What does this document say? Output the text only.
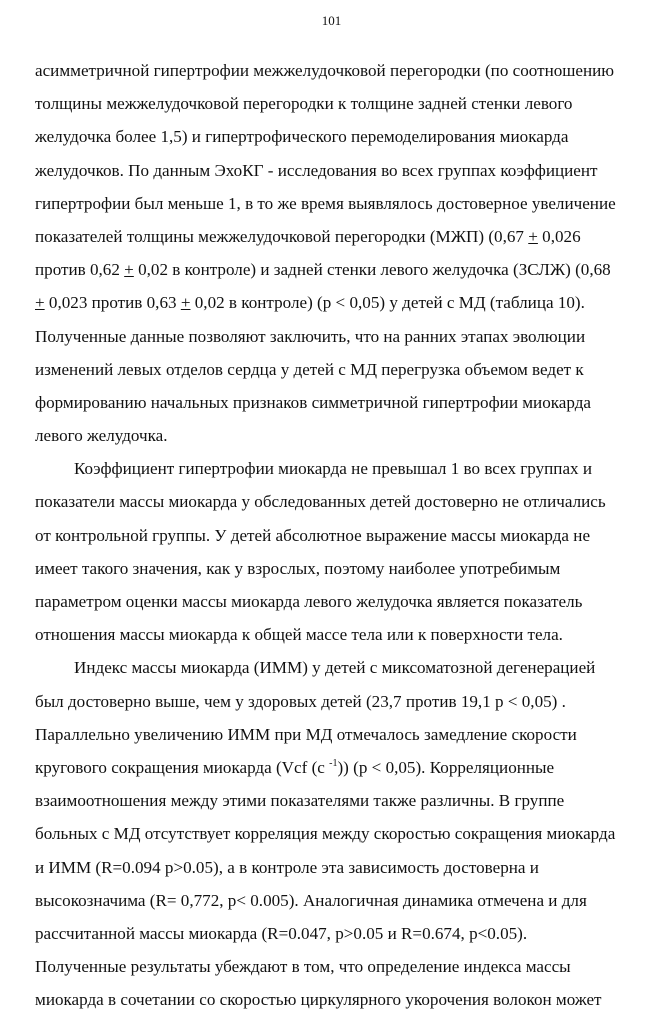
101
асимметричной гипертрофии межжелудочковой перегородки (по соотношению
толщины межжелудочковой перегородки к толщине задней стенки левого
желудочка более 1,5) и гипертрофического перемоделирования миокарда
желудочков. По данным ЭхоКГ - исследования во всех группах коэффициент
гипертрофии был меньше 1, в то же время выявлялось достоверное увеличение
показателей толщины межжелудочковой перегородки (МЖП) (0,67 + 0,026
против 0,62 + 0,02 в контроле) и задней стенки левого желудочка (ЗСЛЖ) (0,68
+ 0,023 против 0,63 + 0,02 в контроле) (р < 0,05) у детей с МД (таблица 10).
Полученные данные позволяют заключить, что на ранних этапах эволюции
изменений левых отделов сердца у детей с МД перегрузка объемом ведет к
формированию начальных признаков симметричной гипертрофии миокарда
левого желудочка.
Коэффициент гипертрофии миокарда не превышал 1 во всех группах и
показатели массы миокарда у обследованных детей достоверно не отличались
от контрольной группы. У детей абсолютное выражение массы миокарда не
имеет такого значения, как у взрослых, поэтому наиболее употребимым
параметром оценки массы миокарда левого желудочка является показатель
отношения массы миокарда к общей массе тела или к поверхности тела.
Индекс массы миокарда (ИММ) у детей с миксоматозной дегенерацией
был достоверно выше, чем у здоровых детей (23,7 против 19,1 р < 0,05) .
Параллельно увеличению ИММ при МД отмечалось замедление скорости
кругового сокращения миокарда (Vcf (с $^{-1}$)) (р < 0,05). Корреляционные
взаимоотношения между этими показателями также различны. В группе
больных с МД отсутствует корреляция между скоростью сокращения миокарда
и ИММ (R=0.094 р>0.05), а в контроле эта зависимость достоверна и
высокозначима (R= 0,772, р< 0.005). Аналогичная динамика отмечена и для
рассчитанной массы миокарда (R=0.047, р>0.05 и R=0.674, р<0.05).
Полученные результаты убеждают в том, что определение индекса массы
миокарда в сочетании со скоростью циркулярного укорочения волокон может
